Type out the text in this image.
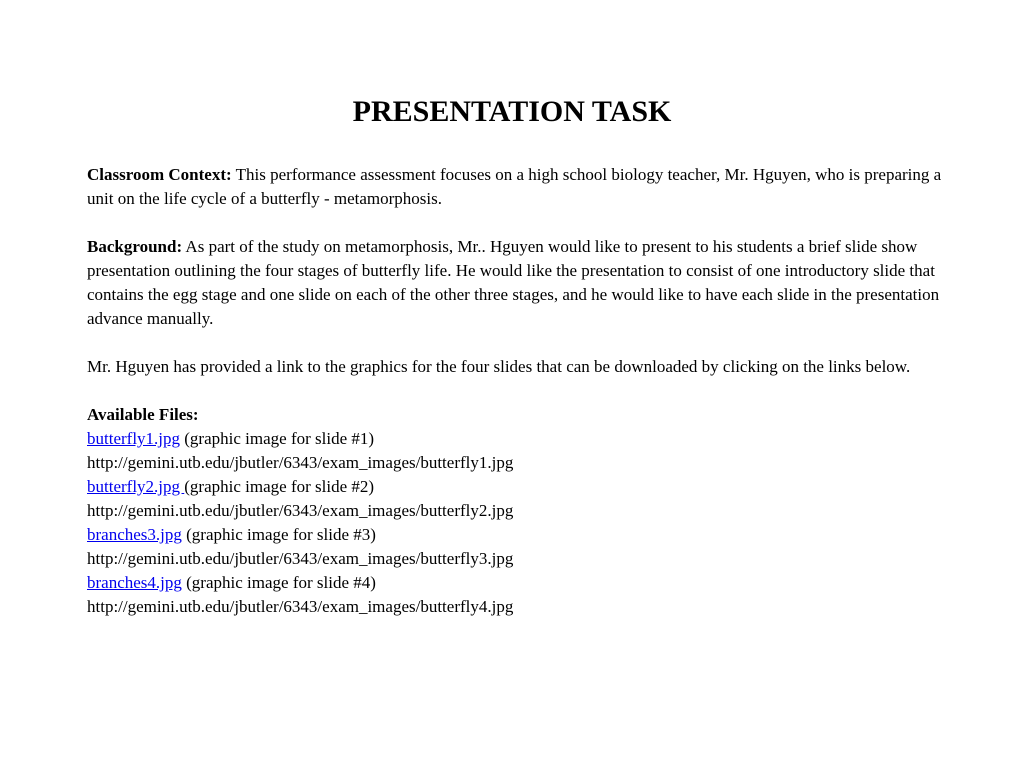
PRESENTATION TASK

Classroom Context: This performance assessment focuses on a high school biology teacher, Mr. Hguyen, who is preparing a unit on the life cycle of a butterfly - metamorphosis.

Background: As part of the study on metamorphosis, Mr.. Hguyen would like to present to his students a brief slide show presentation outlining the four stages of butterfly life. He would like the presentation to consist of one introductory slide that contains the egg stage and one slide on each of the other three stages, and he would like to have each slide in the presentation advance manually.

Mr. Hguyen has provided a link to the graphics for the four slides that can be downloaded by clicking on the links below.

Available Files:
butterfly1.jpg (graphic image for slide #1)
http://gemini.utb.edu/jbutler/6343/exam_images/butterfly1.jpg
butterfly2.jpg (graphic image for slide #2)
http://gemini.utb.edu/jbutler/6343/exam_images/butterfly2.jpg
branches3.jpg (graphic image for slide #3)
http://gemini.utb.edu/jbutler/6343/exam_images/butterfly3.jpg
branches4.jpg (graphic image for slide #4)
http://gemini.utb.edu/jbutler/6343/exam_images/butterfly4.jpg
